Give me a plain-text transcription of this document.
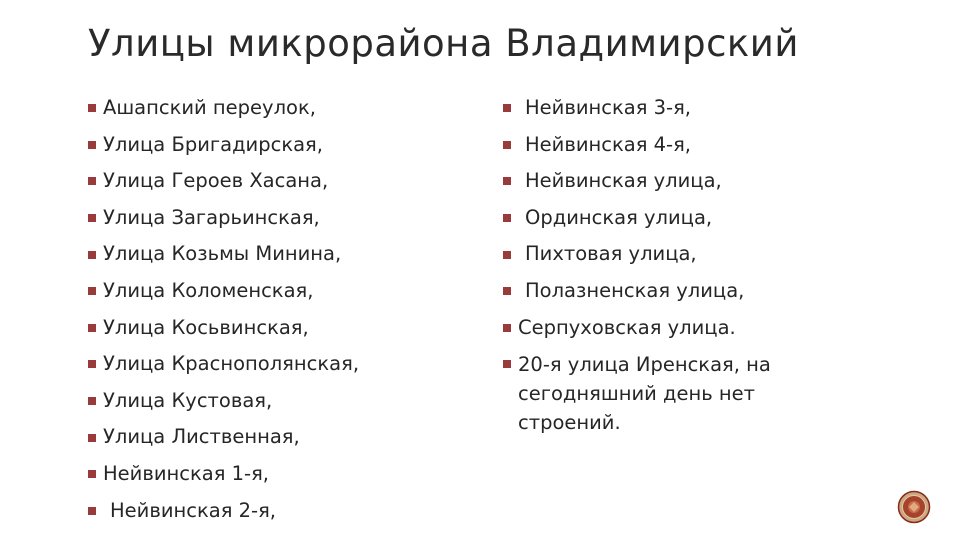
Улицы микрорайона Владимирский
Ашапский переулок,
Улица Бригадирская,
Улица Героев Хасана,
Улица Загарьинская,
Улица Козьмы Минина,
Улица Коломенская,
Улица Косьвинская,
Улица Краснополянская,
Улица Кустовая,
Улица Лиственная,
Нейвинская 1-я,
Нейвинская 2-я,
Нейвинская 3-я,
Нейвинская 4-я,
Нейвинская улица,
Ординская улица,
Пихтовая улица,
Полазненская улица,
Серпуховская улица.
20-я улица Иренская, на сегодняшний день нет строений.
